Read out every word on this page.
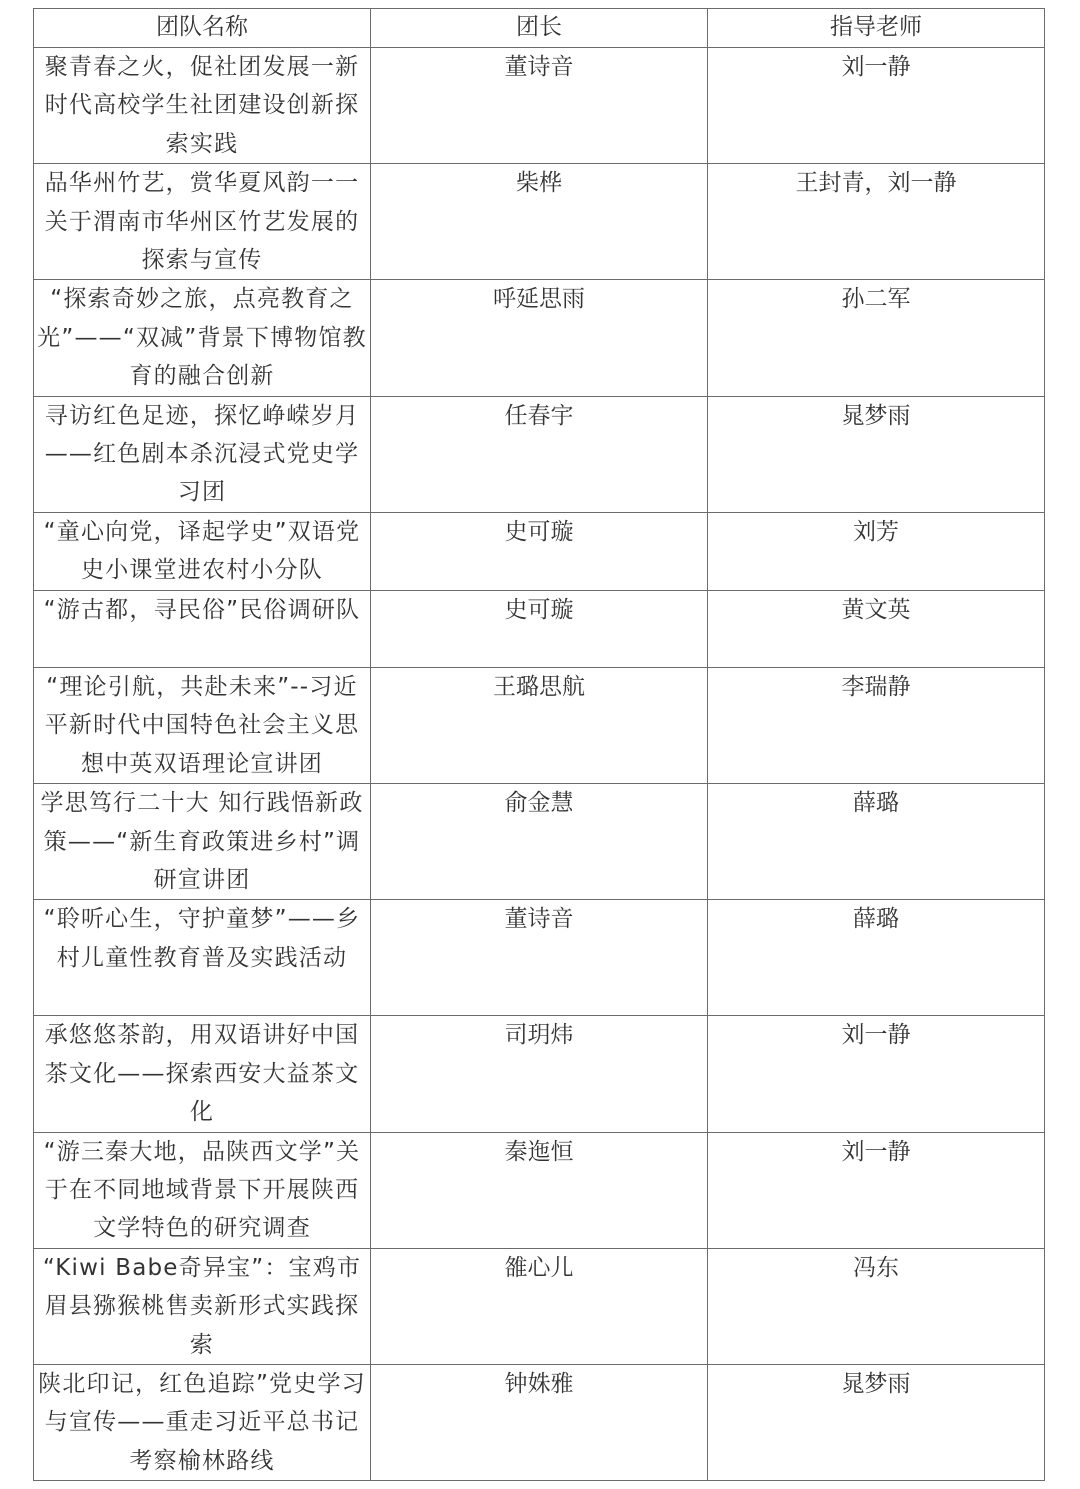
团队名称	团长	指导老师
聚青春之火，促社团发展一新时代高校学生社团建设创新探索实践	董诗音	刘一静
品华州竹艺，赏华夏风韵一一关于渭南市华州区竹艺发展的探索与宣传	柴桦	王封青，刘一静
“探索奇妙之旅，点亮教育之光”——“双减”背景下博物馆教育的融合创新	呼延思雨	孙二军
寻访红色足迹，探忆峥嵘岁月——红色剧本杀沉浸式党史学习团	任春宇	晁梦雨
“童心向党，译起学史”双语党史小课堂进农村小分队	史可璇	刘芳
“游古都，寻民俗”民俗调研队	史可璇	黄文英
“理论引航，共赴未来”--习近平新时代中国特色社会主义思想中英双语理论宣讲团	王璐思航	李瑞静
学思笃行二十大 知行践悟新政策——“新生育政策进乡村”调研宣讲团	俞金慧	薛璐
“聆听心生，守护童梦”——乡村儿童性教育普及实践活动	董诗音	薛璐
承悠悠茶韵，用双语讲好中国茶文化——探索西安大益茶文化	司玥炜	刘一静
“游三秦大地，品陕西文学”关于在不同地域背景下开展陕西文学特色的研究调查	秦迤恒	刘一静
“Kiwi Babe奇异宝”：宝鸡市眉县猕猴桃售卖新形式实践探索	雒心儿	冯东
陕北印记，红色追踪”党史学习与宣传——重走习近平总书记考察榆林路线	钟姝雅	晁梦雨
